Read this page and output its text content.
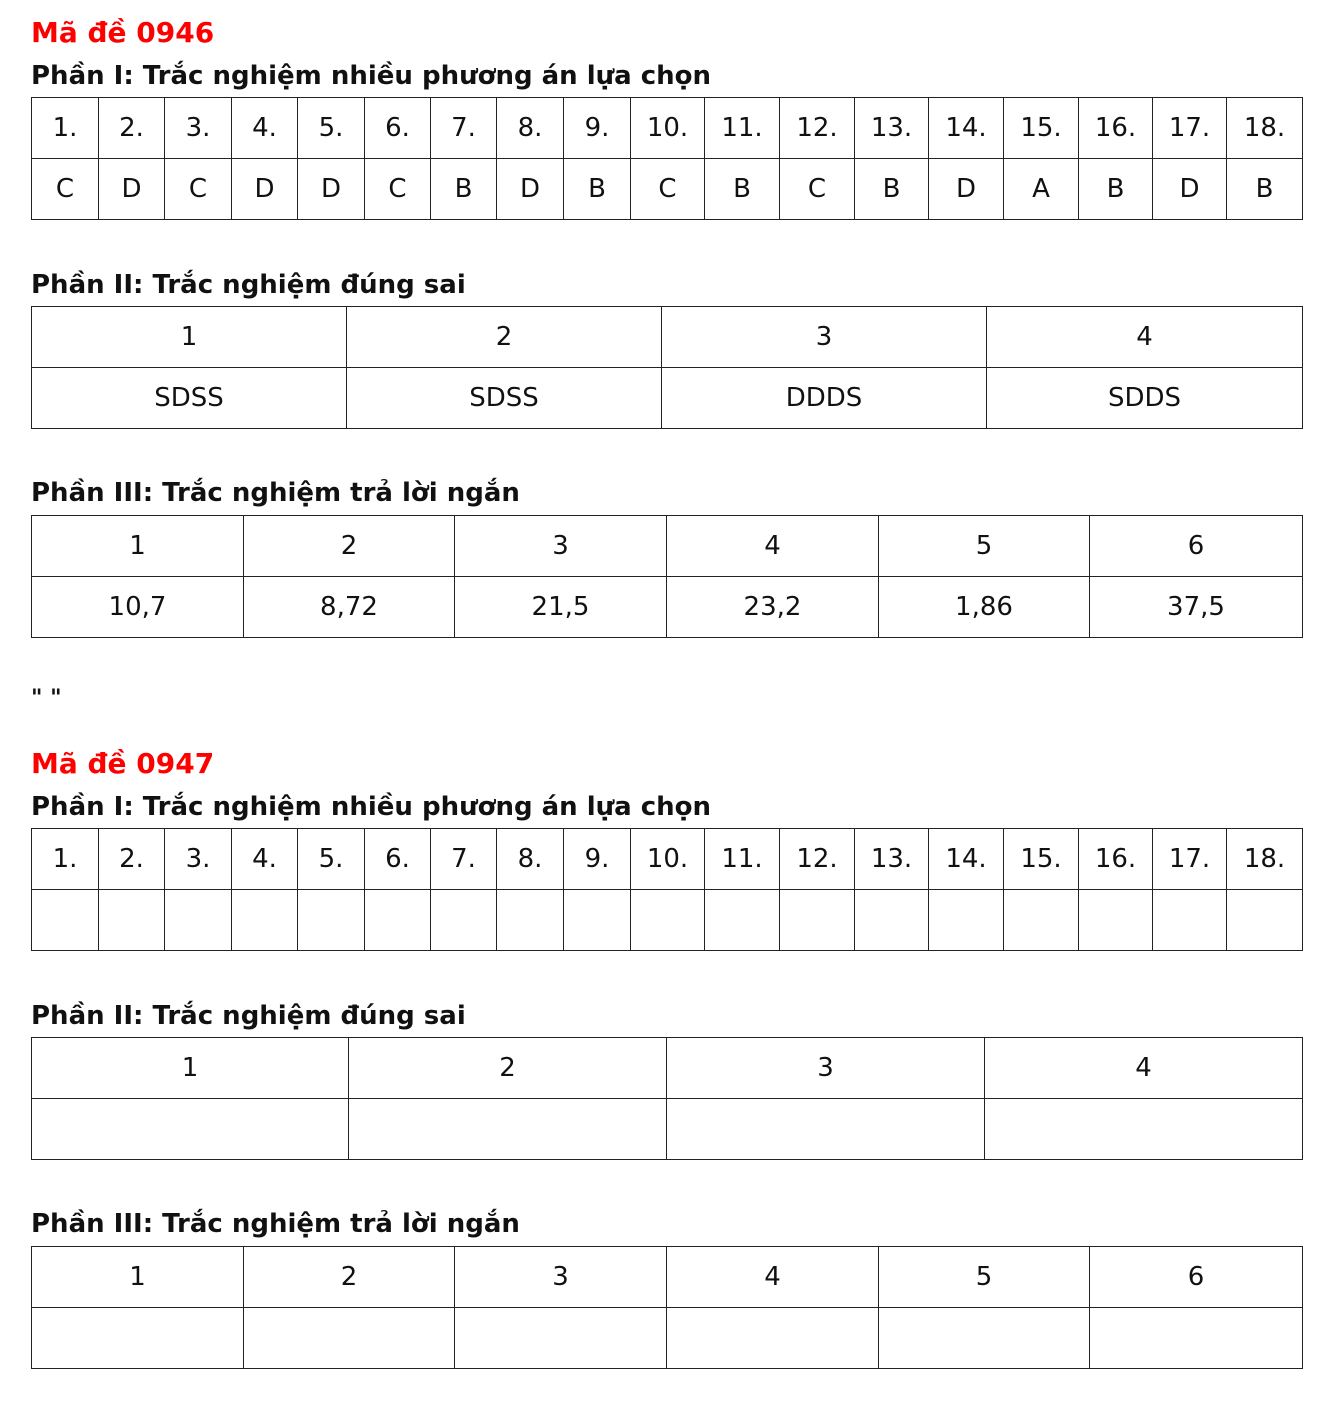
Mã đề 0946
Phần I: Trắc nghiệm nhiều phương án lựa chọn
1.	2.	3.	4.	5.	6.	7.	8.	9.	10.	11.	12.	13.	14.	15.	16.	17.	18.
C	D	C	D	D	C	B	D	B	C	B	C	B	D	A	B	D	B
Phần II: Trắc nghiệm đúng sai
1	2	3	4
SDSS	SDSS	DDDS	SDDS
Phần III: Trắc nghiệm trả lời ngắn
1	2	3	4	5	6
10,7	8,72	21,5	23,2	1,86	37,5
" "
Mã đề 0947
Phần I: Trắc nghiệm nhiều phương án lựa chọn
1.	2.	3.	4.	5.	6.	7.	8.	9.	10.	11.	12.	13.	14.	15.	16.	17.	18.

Phần II: Trắc nghiệm đúng sai
1	2	3	4

Phần III: Trắc nghiệm trả lời ngắn
1	2	3	4	5	6
